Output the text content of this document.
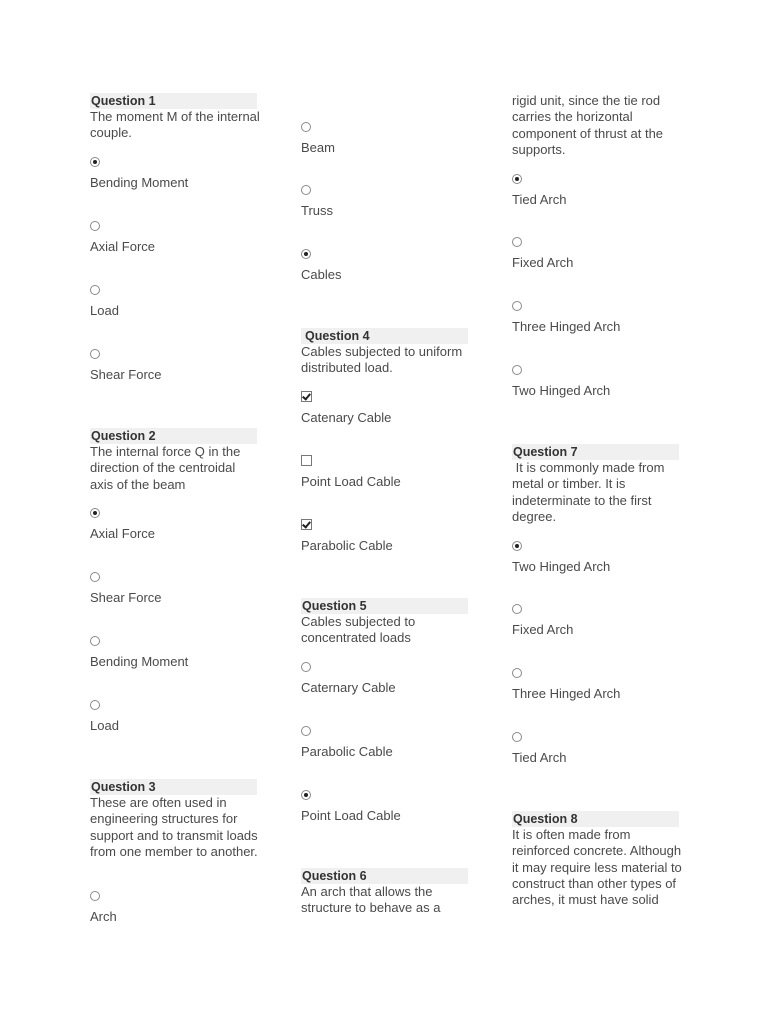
Question 1
The moment M of the internal couple.
Bending Moment
Axial Force
Load
Shear Force
Question 2
The internal force Q in the direction of the centroidal axis of the beam
Axial Force
Shear Force
Bending Moment
Load
Question 3
These are often used in engineering structures for support and to transmit loads from one member to another.
Arch
Beam
Truss
Cables
Question 4
Cables subjected to uniform distributed load.
Catenary Cable
Point Load Cable
Parabolic Cable
Question 5
Cables subjected to concentrated loads
Caternary Cable
Parabolic Cable
Point Load Cable
Question 6
An arch that allows the structure to behave as a
rigid unit, since the tie rod carries the horizontal component of thrust at the supports.
Tied Arch
Fixed Arch
Three Hinged Arch
Two Hinged Arch
Question 7
It is commonly made from metal or timber. It is indeterminate to the first degree.
Two Hinged Arch
Fixed Arch
Three Hinged Arch
Tied Arch
Question 8
It is often made from reinforced concrete. Although it may require less material to construct than other types of arches, it must have solid
